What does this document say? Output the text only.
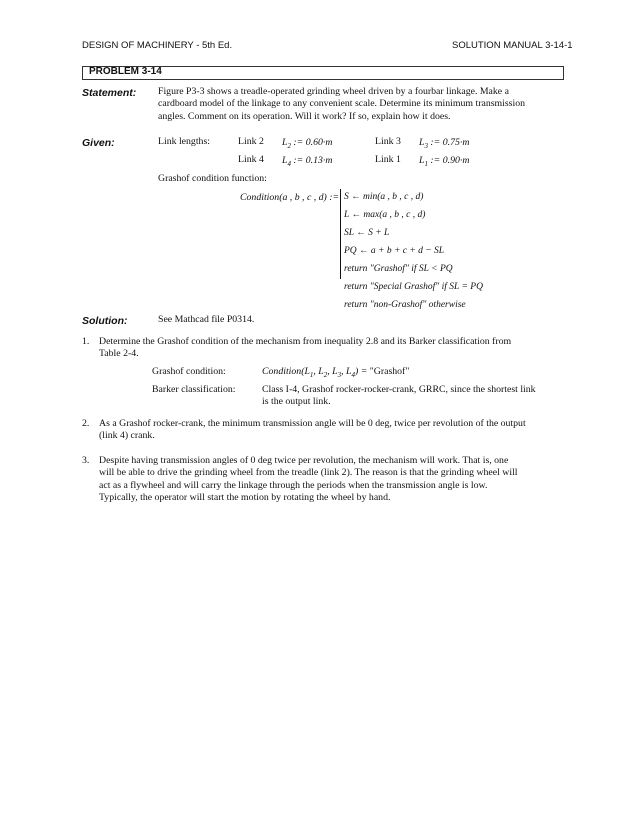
DESIGN OF MACHINERY - 5th Ed.	SOLUTION MANUAL 3-14-1
PROBLEM 3-14
Statement: Figure P3-3 shows a treadle-operated grinding wheel driven by a fourbar linkage. Make a
cardboard model of the linkage to any convenient scale. Determine its minimum transmission
angles. Comment on its operation. Will it work? If so, explain how it does.
Given:	Link lengths:	Link 2 $L_2$ := 0.60·m	Link 3 $L_3$ := 0.75·m
Link 4 $L_4$ := 0.13·m	Link 1 $L_1$ := 0.90·m
Grashof condition function:
Condition(a , b , c , d) := S ← min(a , b , c , d)
L ← max(a , b , c , d)
SL ← S + L
PQ ← a + b + c + d − SL
return "Grashof" if SL < PQ
return "Special Grashof" if SL = PQ
return "non-Grashof" otherwise
Solution:	See Mathcad file P0314.
1. Determine the Grashof condition of the mechanism from inequality 2.8 and its Barker classification from
Table 2-4.
Grashof condition:	$Condition(L_1$, $L_2$, $L_3$, $L_4$) = "Grashof"
Barker classification:	Class I-4, Grashof rocker-rocker-crank, GRRC, since the shortest link
is the output link.
2. As a Grashof rocker-crank, the minimum transmission angle will be 0 deg, twice per revolution of the output
(link 4) crank.
3. Despite having transmission angles of 0 deg twice per revolution, the mechanism will work. That is, one
will be able to drive the grinding wheel from the treadle (link 2). The reason is that the grinding wheel will
act as a flywheel and will carry the linkage through the periods when the transmission angle is low.
Typically, the operator will start the motion by rotating the wheel by hand.
